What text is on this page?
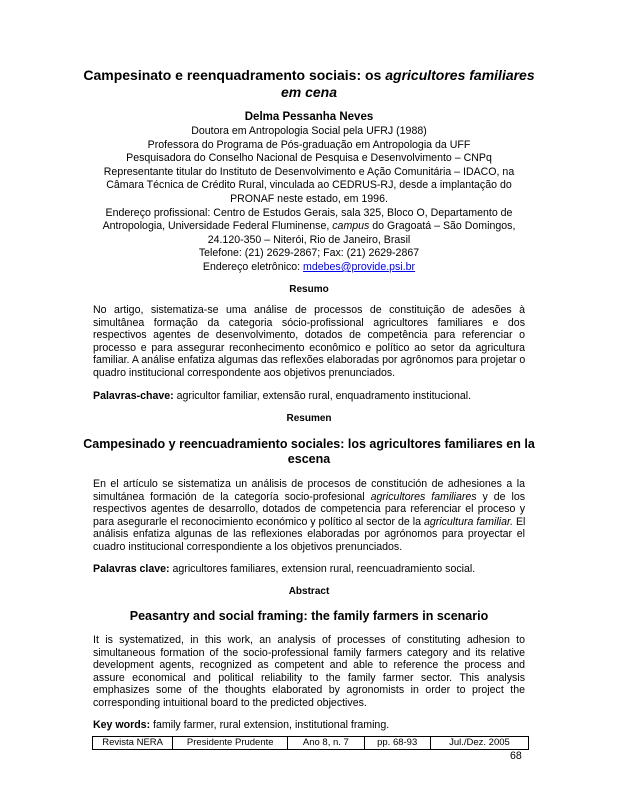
Campesinato e reenquadramento sociais: os agricultores familiares
em cena
Delma Pessanha Neves
Doutora em Antropologia Social pela UFRJ (1988)
Professora do Programa de Pós-graduação em Antropologia da UFF
Pesquisadora do Conselho Nacional de Pesquisa e Desenvolvimento – CNPq
Representante titular do Instituto de Desenvolvimento e Ação Comunitária – IDACO, na
Câmara Técnica de Crédito Rural, vinculada ao CEDRUS-RJ, desde a implantação do
PRONAF neste estado, em 1996.
Endereço profissional: Centro de Estudos Gerais, sala 325, Bloco O, Departamento de
Antropologia, Universidade Federal Fluminense, campus do Gragoatá – São Domingos,
24.120-350 – Niterói, Rio de Janeiro, Brasil
Telefone: (21) 2629-2867; Fax: (21) 2629-2867
Endereço eletrônico: mdebes@provide.psi.br
Resumo
No artigo, sistematiza-se uma análise de processos de constituição de adesões à
simultânea formação da categoria sócio-profissional agricultores familiares e dos
respectivos agentes de desenvolvimento, dotados de competência para referenciar o
processo e para assegurar reconhecimento econômico e político ao setor da agricultura
familiar. A análise enfatiza algumas das reflexões elaboradas por agrônomos para projetar o
quadro institucional correspondente aos objetivos prenunciados.
Palavras-chave: agricultor familiar, extensão rural, enquadramento institucional.
Resumen
Campesinado y reencuadramiento sociales: los agricultores familiares en la
escena
En el artículo se sistematiza un análisis de procesos de constitución de adhesiones a la
simultánea formación de la categoría socio-profesional agricultores familiares y de los
respectivos agentes de desarrollo, dotados de competencia para referenciar el proceso y
para asegurarle el reconocimiento económico y político al sector de la agricultura familiar. El
análisis enfatiza algunas de las reflexiones elaboradas por agrónomos para proyectar el
cuadro institucional correspondiente a los objetivos prenunciados.
Palavras clave: agricultores familiares, extension rural, reencuadramiento social.
Abstract
Peasantry and social framing: the family farmers in scenario
It is systematized, in this work, an analysis of processes of constituting adhesion to
simultaneous formation of the socio-professional family farmers category and its relative
development agents, recognized as competent and able to reference the process and
assure economical and political reliability to the family farmer sector. This analysis
emphasizes some of the thoughts elaborated by agronomists in order to project the
corresponding intuitional board to the predicted objectives.
Key words: family farmer, rural extension, institutional framing.
Revista NERA	Presidente Prudente	Ano 8, n. 7	pp. 68-93	Jul./Dez. 2005
68
